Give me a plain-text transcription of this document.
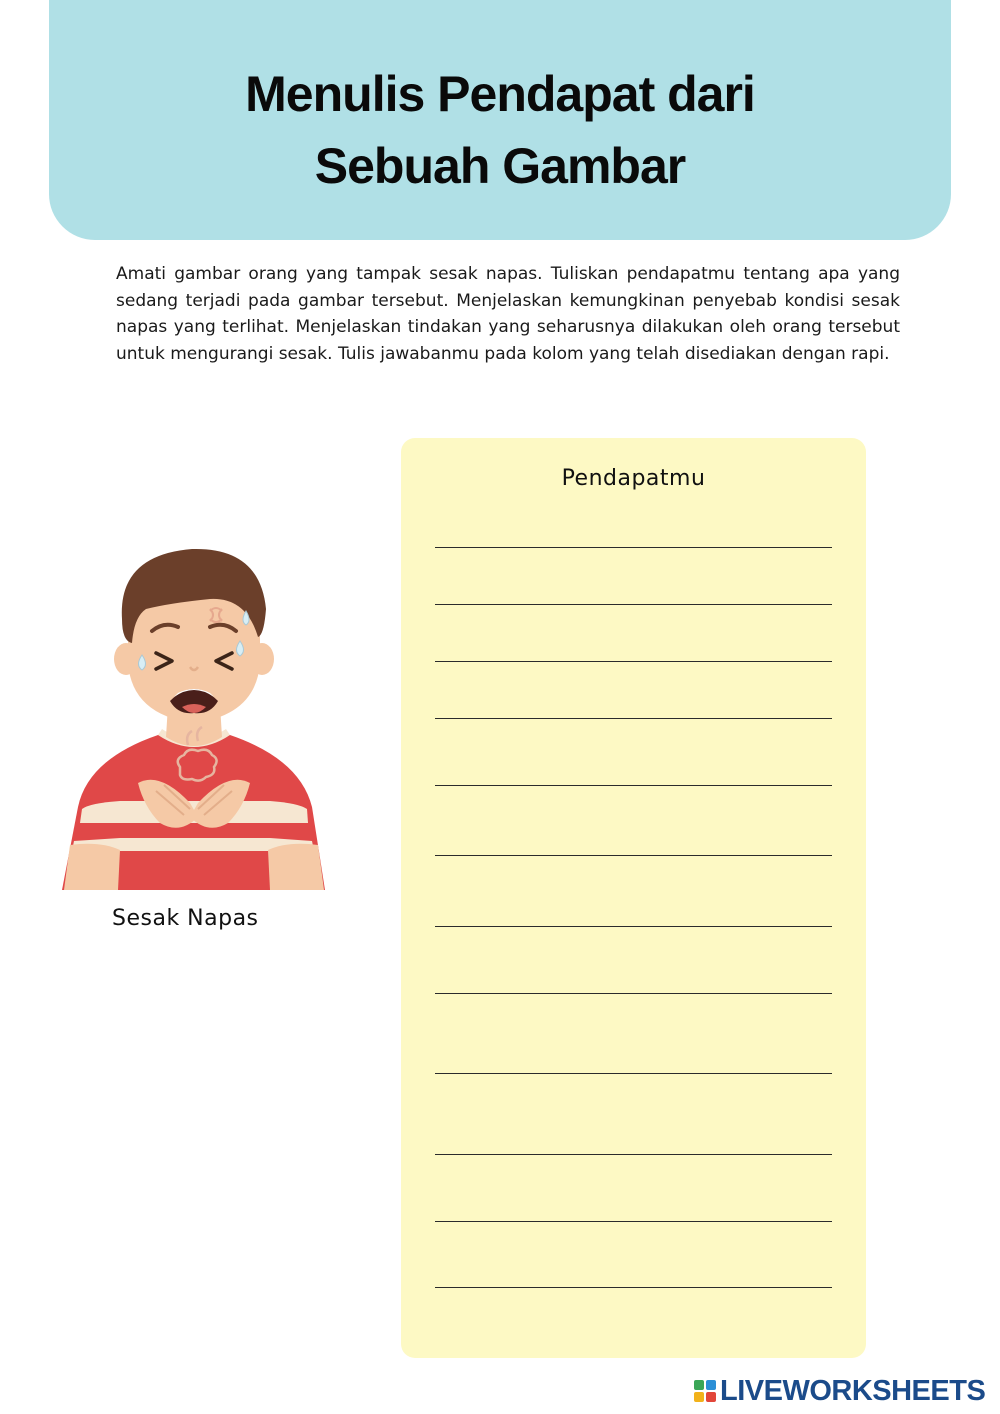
Menulis Pendapat dari
Sebuah Gambar
Amati gambar orang yang tampak sesak napas. Tuliskan pendapatmu tentang apa yang sedang terjadi pada gambar tersebut. Menjelaskan kemungkinan penyebab kondisi sesak napas yang terlihat. Menjelaskan tindakan yang seharusnya dilakukan oleh orang tersebut untuk mengurangi sesak. Tulis jawabanmu pada kolom yang telah disediakan dengan rapi.
Sesak Napas
Pendapatmu
LIVEWORKSHEETS
